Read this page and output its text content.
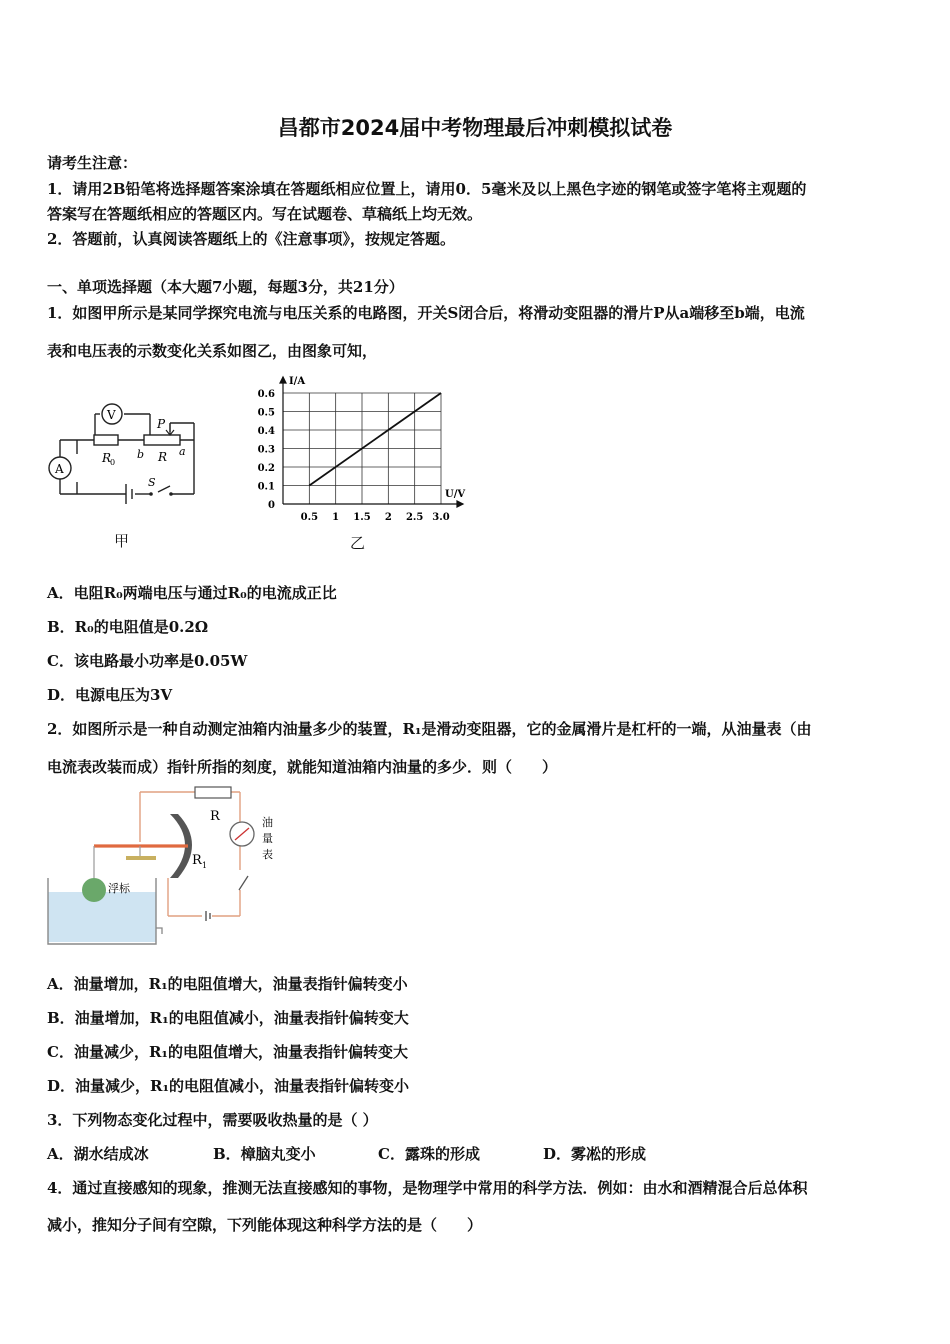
昌都市2024届中考物理最后冲刺模拟试卷
请考生注意：
1．请用2B铅笔将选择题答案涂填在答题纸相应位置上，请用0．5毫米及以上黑色字迹的钢笔或签字笔将主观题的
答案写在答题纸相应的答题区内。写在试题卷、草稿纸上均无效。
2．答题前，认真阅读答题纸上的《注意事项》，按规定答题。
一、单项选择题（本大题7小题，每题3分，共21分）
1．如图甲所示是某同学探究电流与电压关系的电路图，开关S闭合后，将滑动变阻器的滑片P从a端移至b端，电流
表和电压表的示数变化关系如图乙，由图象可知，
V
A
R
0
P
b R a
S
甲
0.5 1 1.5 2 2.5 3.0
0
0.1
0.2
0.3
0.4
0.5
0.6
I/A
U/V
乙
A．电阻R₀两端电压与通过R₀的电流成正比
B．R₀的电阻值是0.2Ω
C．该电路最小功率是0.05W
D．电源电压为3V
2．如图所示是一种自动测定油箱内油量多少的装置，R₁是滑动变阻器，它的金属滑片是杠杆的一端，从油量表（由
电流表改装而成）指针所指的刻度，就能知道油箱内油量的多少．则（　　）
R	油
量
表
R 1
浮标
A．油量增加，R₁的电阻值增大，油量表指针偏转变小
B．油量增加，R₁的电阻值减小，油量表指针偏转变大
C．油量减少，R₁的电阻值增大，油量表指针偏转变大
D．油量减少，R₁的电阻值减小，油量表指针偏转变小
3．下列物态变化过程中，需要吸收热量的是（ ）
A．湖水结成冰	B．樟脑丸变小	C．露珠的形成	D．雾凇的形成
4．通过直接感知的现象，推测无法直接感知的事物，是物理学中常用的科学方法．例如：由水和酒精混合后总体积
减小，推知分子间有空隙，下列能体现这种科学方法的是（　　）
